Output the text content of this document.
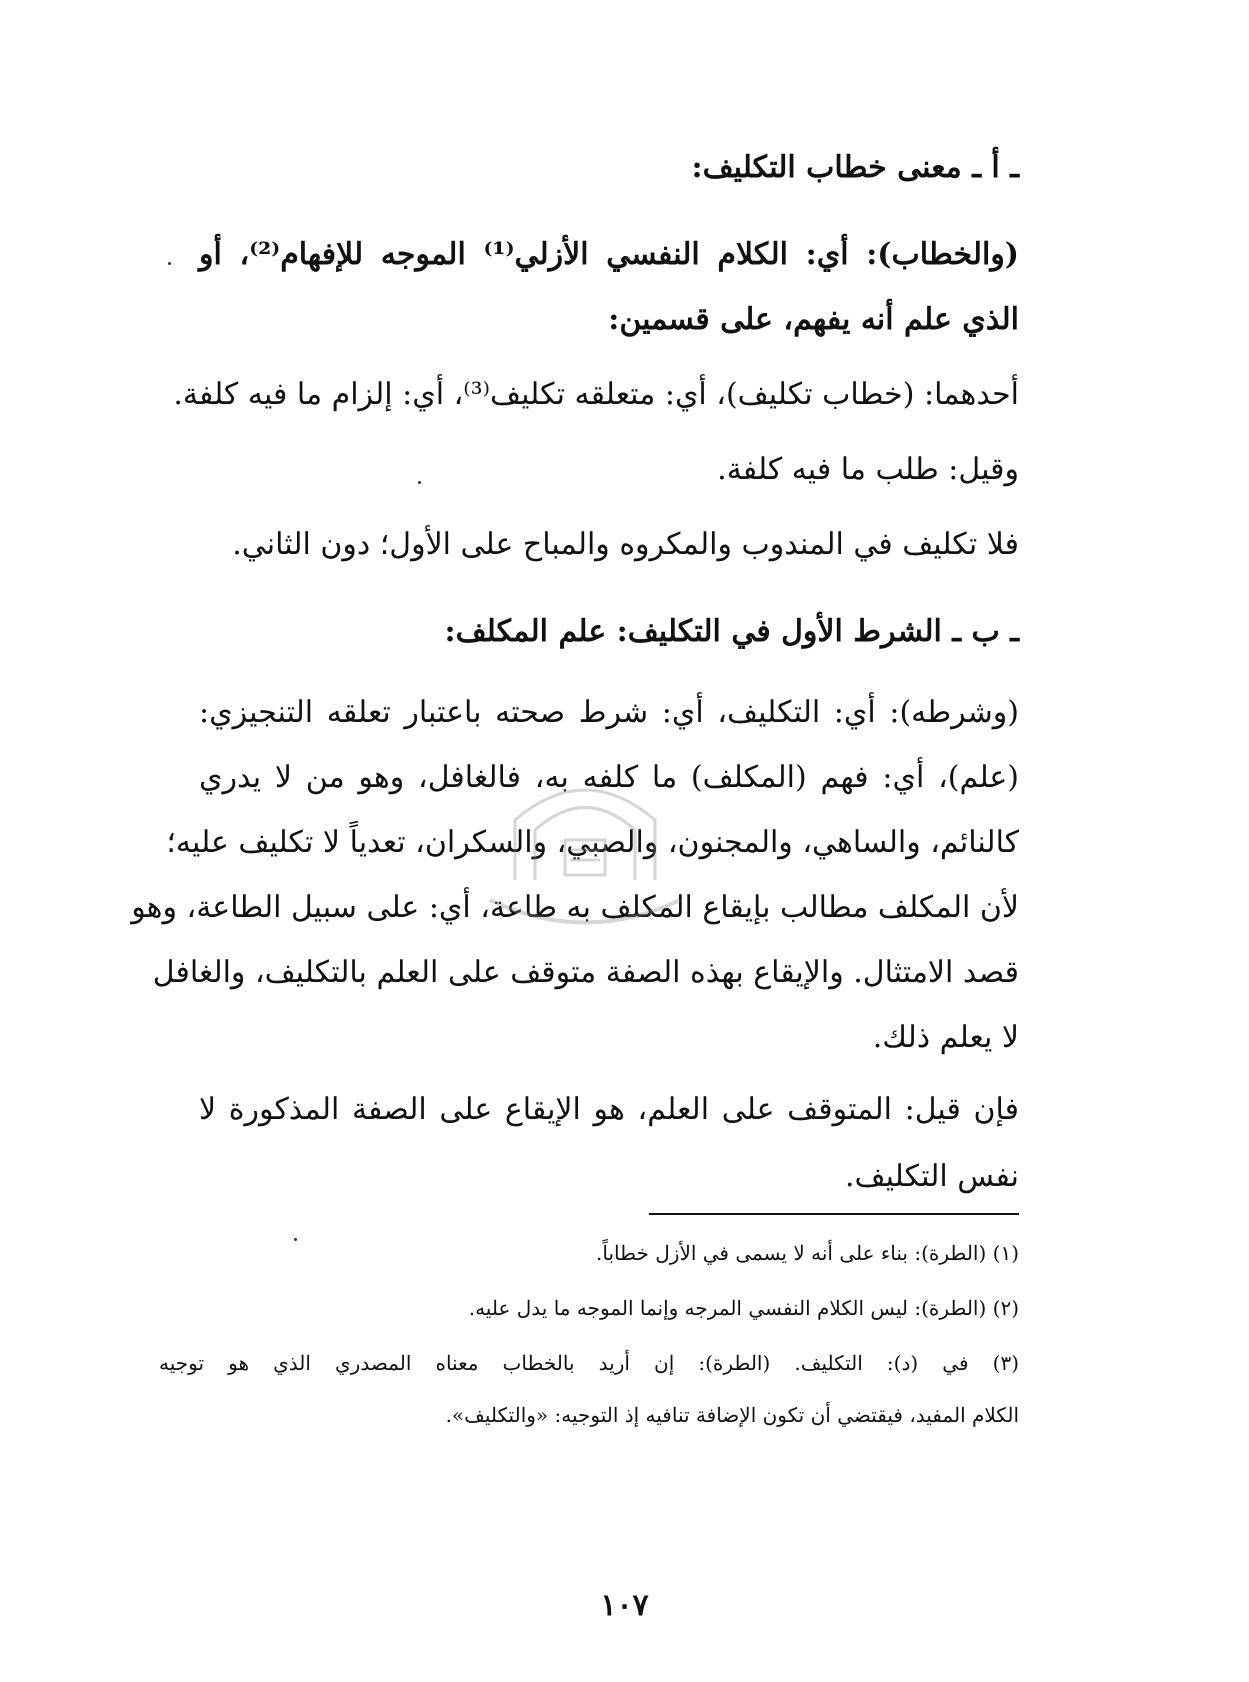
ـ أ ـ معنى خطاب التكليف:
(والخطاب): أي: الكلام النفسي الأزلي⁽¹⁾ الموجه للإفهام⁽²⁾، أو
الذي علم أنه يفهم، على قسمين:
أحدهما: (خطاب تكليف)، أي: متعلقه تكليف⁽³⁾، أي: إلزام ما فيه كلفة.
وقيل: طلب ما فيه كلفة.
فلا تكليف في المندوب والمكروه والمباح على الأول؛ دون الثاني.
ـ ب ـ الشرط الأول في التكليف: علم المكلف:
(وشرطه): أي: التكليف، أي: شرط صحته باعتبار تعلقه التنجيزي:
(علم)، أي: فهم (المكلف) ما كلفه به، فالغافل، وهو من لا يدري
كالنائم، والساهي، والمجنون، والصبي، والسكران، تعدياً لا تكليف عليه؛
لأن المكلف مطالب بإيقاع المكلف به طاعة، أي: على سبيل الطاعة، وهو
قصد الامتثال. والإيقاع بهذه الصفة متوقف على العلم بالتكليف، والغافل
لا يعلم ذلك.
فإن قيل: المتوقف على العلم، هو الإيقاع على الصفة المذكورة لا
نفس التكليف.
(١) (الطرة): بناء على أنه لا يسمى في الأزل خطاباً.
(٢) (الطرة): ليس الكلام النفسي المرجه وإنما الموجه ما يدل عليه.
(٣) في (د): التكليف. (الطرة): إن أريد بالخطاب معناه المصدري الذي هو توجيه
الكلام المفيد، فيقتضي أن تكون الإضافة تنافيه إذ التوجيه: «والتكليف».
١٠٧
